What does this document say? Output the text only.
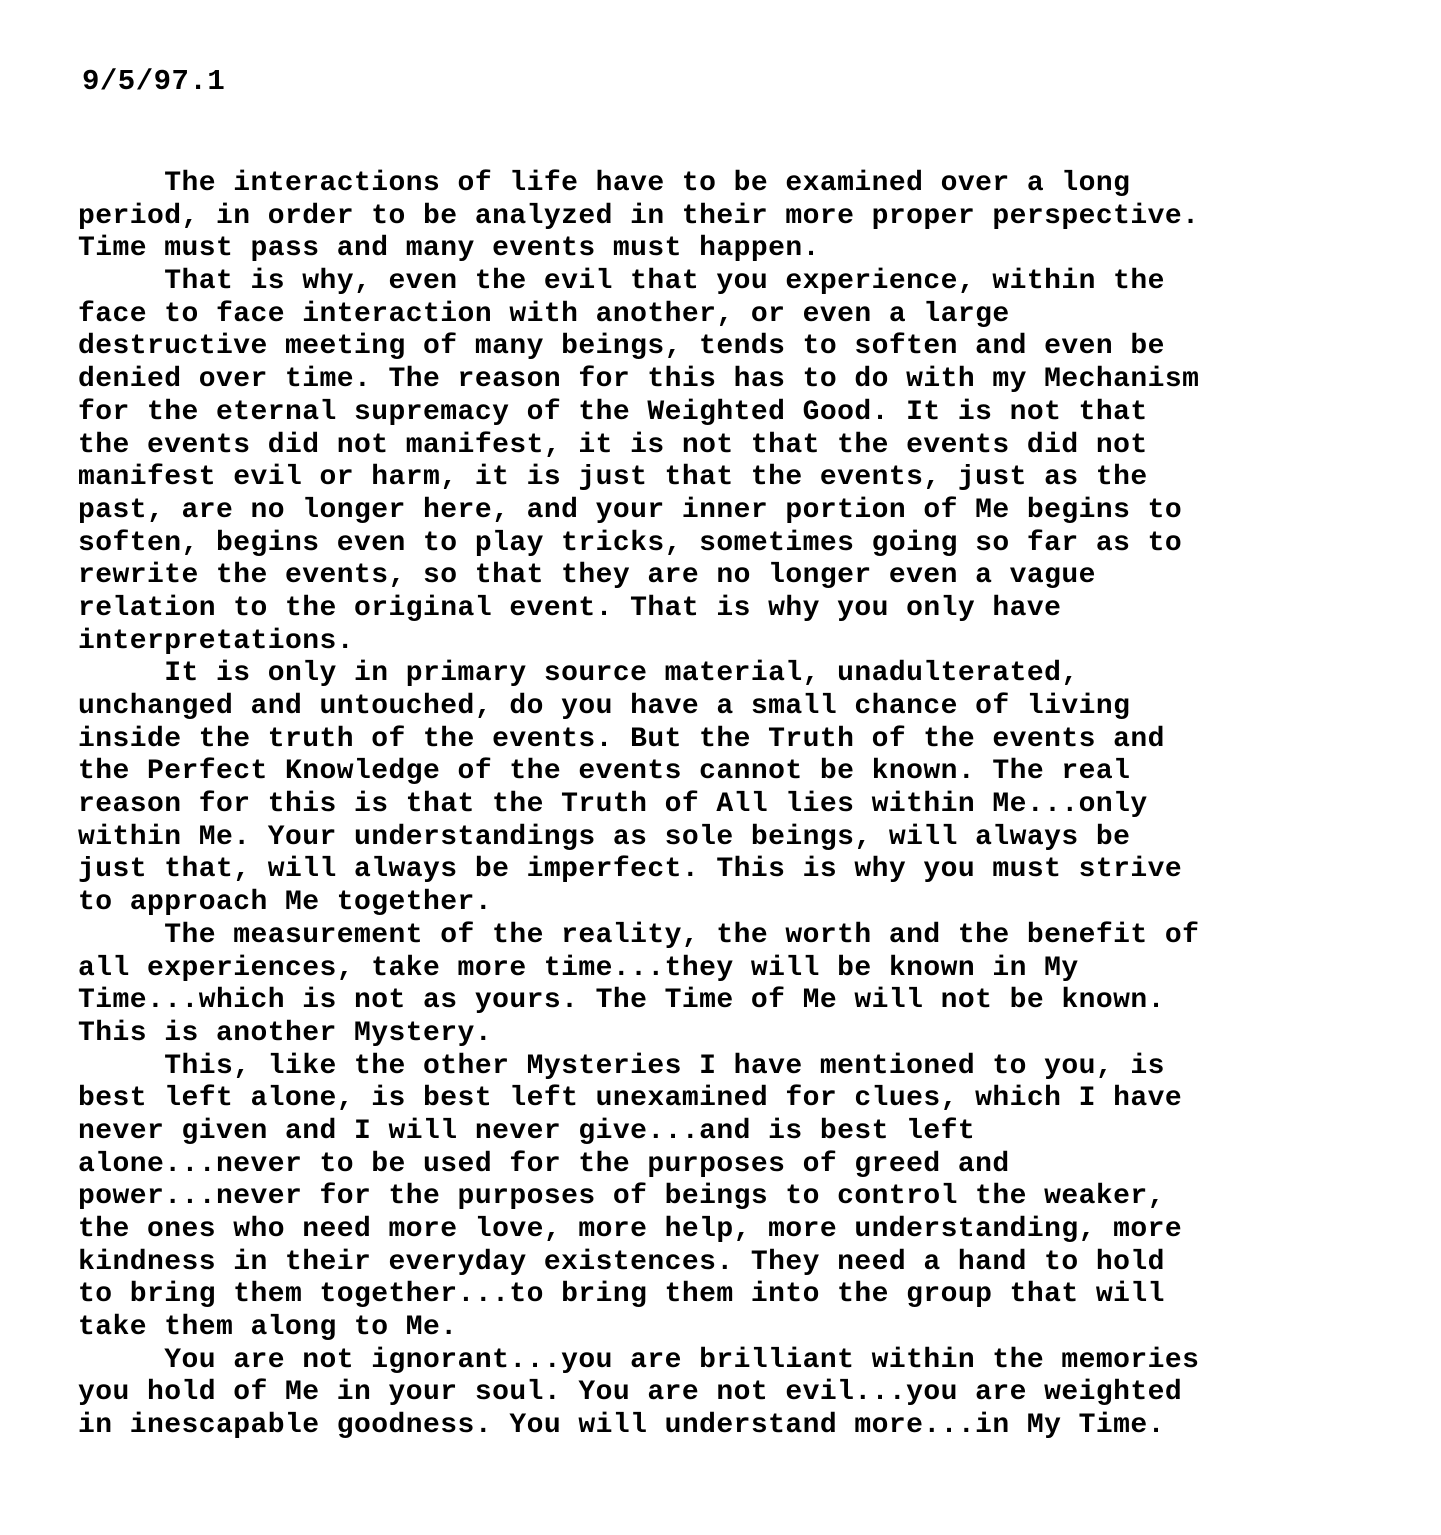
9/5/97.1
The interactions of life have to be examined over a long
period, in order to be analyzed in their more proper perspective.
Time must pass and many events must happen.
That is why, even the evil that you experience, within the
face to face interaction with another, or even a large
destructive meeting of many beings, tends to soften and even be
denied over time. The reason for this has to do with my Mechanism
for the eternal supremacy of the Weighted Good. It is not that
the events did not manifest, it is not that the events did not
manifest evil or harm, it is just that the events, just as the
past, are no longer here, and your inner portion of Me begins to
soften, begins even to play tricks, sometimes going so far as to
rewrite the events, so that they are no longer even a vague
relation to the original event. That is why you only have
interpretations.
It is only in primary source material, unadulterated,
unchanged and untouched, do you have a small chance of living
inside the truth of the events. But the Truth of the events and
the Perfect Knowledge of the events cannot be known. The real
reason for this is that the Truth of All lies within Me...only
within Me. Your understandings as sole beings, will always be
just that, will always be imperfect. This is why you must strive
to approach Me together.
The measurement of the reality, the worth and the benefit of
all experiences, take more time...they will be known in My
Time...which is not as yours. The Time of Me will not be known.
This is another Mystery.
This, like the other Mysteries I have mentioned to you, is
best left alone, is best left unexamined for clues, which I have
never given and I will never give...and is best left
alone...never to be used for the purposes of greed and
power...never for the purposes of beings to control the weaker,
the ones who need more love, more help, more understanding, more
kindness in their everyday existences. They need a hand to hold
to bring them together...to bring them into the group that will
take them along to Me.
You are not ignorant...you are brilliant within the memories
you hold of Me in your soul. You are not evil...you are weighted
in inescapable goodness. You will understand more...in My Time.
